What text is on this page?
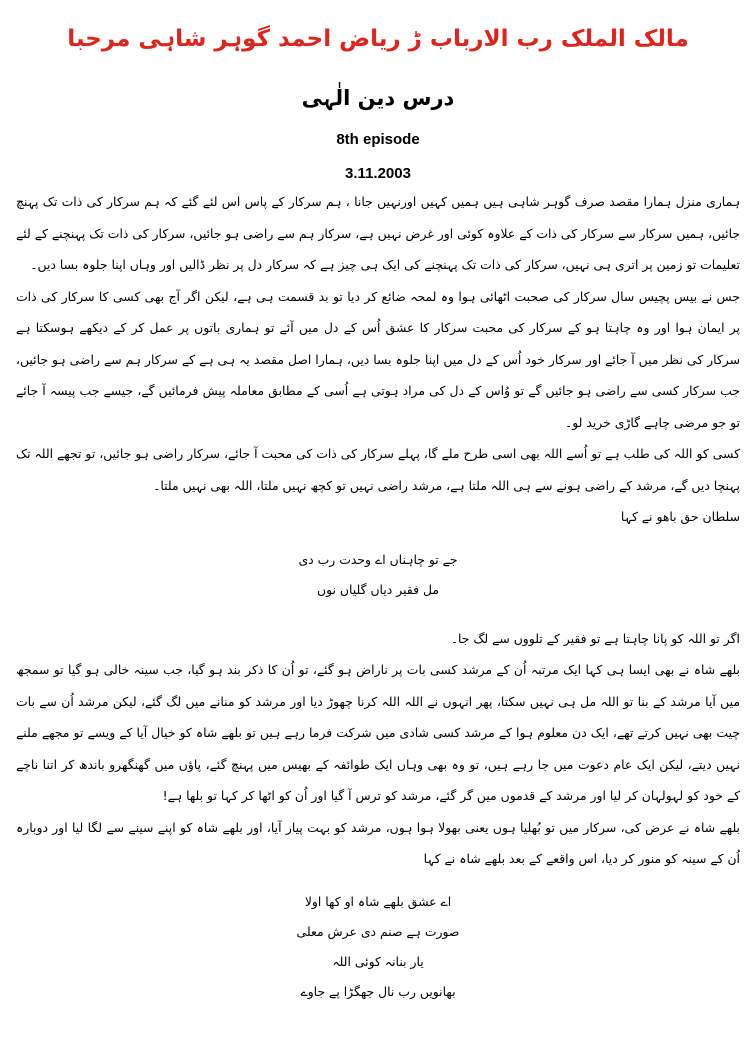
مالک الملک رب الارباب ڑ ریاض احمد گوہر شاہی مرحبا
درس دین الٰہی

8th episode

3.11.2003

ہماری منزل ہمارا مقصد صرف گوہر شاہی ہیں ہمیں کہیں اورنہیں جانا ، ہم سرکار کے پاس اس لئے گئے کہ ہم سرکار کی ذات تک پہنچ جائیں، ہمیں سرکار سے سرکار کی ذات کے علاوہ کوئی اور غرض نہیں ہے، سرکار ہم سے راضی ہو جائیں، سرکار کی ذات تک پہنچنے کے لئے تعلیمات تو زمین پر اتری ہی نہیں، سرکار کی ذات تک پہنچنے کی ایک ہی چیز ہے کہ سرکار دل پر نظر ڈالیں اور وہاں اپنا جلوہ بسا دیں۔

جس نے بیس پچیس سال سرکار کی صحبت اٹھائی ہوا وہ لمحہ ضائع کر دیا تو بد قسمت ہی ہے، لیکن اگر آج بھی کسی کا سرکار کی ذات پر ایمان ہوا اور وہ چاہتا ہو کے سرکار کی محبت سرکار کا عشق اُس کے دل میں آئے تو ہماری باتوں پر عمل کر کے دیکھے ہوسکتا ہے سرکار کی نظر میں آ جائے اور سرکار خود اُس کے دل میں اپنا جلوہ بسا دیں، ہمارا اصل مقصد یہ ہی ہے کے سرکار ہم سے راضی ہو جائیں، جب سرکار کسی سے راضی ہو جائیں گے تو وُاس کے دل کی مراد ہوتی ہے اُسی کے مطابق معاملہ پیش فرمائیں گے، جیسے جب پیسہ آ جائے تو جو مرضی چاہے گاڑی خرید لو۔

کسی کو اللہ کی طلب ہے تو اُسے اللہ بھی اسی طرح ملے گا، پہلے سرکار کی ذات کی محبت آ جائے، سرکار راضی ہو جائیں، تو تجھے اللہ تک پہنچا دیں گے، مرشد کے راضی ہونے سے ہی اللہ ملتا ہے، مرشد راضی نہیں تو کچھ نہیں ملتا، اللہ بھی نہیں ملتا۔

سلطان حق باھو نے کہا

جے تو چاہناں اے وحدت رب دی

مل فقیر دیاں گلیاں نوں

اگر تو اللہ کو پانا چاہتا ہے تو فقیر کے تلووں سے لگ جا۔

بلھے شاہ نے بھی ایسا ہی کہا ایک مرتبہ اُن کے مرشد کسی بات پر ناراض ہو گئے، تو اُن کا ذکر بند ہو گیا، جب سینہ خالی ہو گیا تو سمجھ میں آیا مرشد کے بنا تو اللہ مل ہی نہیں سکتا، پھر انہوں نے اللہ اللہ کرنا چھوڑ دیا اور مرشد کو منانے میں لگ گئے، لیکن مرشد اُن سے بات چیت بھی نہیں کرتے تھے، ایک دن معلوم ہوا کے مرشد کسی شادی میں شرکت فرما رہے ہیں تو بلھے شاہ کو خیال آیا کے ویسے تو مجھے ملنے نہیں دیتے، لیکن ایک عام دعوت میں جا رہے ہیں، تو وہ بھی وہاں ایک طوائفہ کے بھیس میں پہنچ گئے، پاؤں میں گھنگھرو باندھ کر اتنا ناچے کے خود کو لہولہان کر لیا اور مرشد کے قدموں میں گر گئے، مرشد کو ترس آ گیا اور اُن کو اٹھا کر کہا تو بلھا ہے!

بلھے شاہ نے عرض کی، سرکار میں تو بُھلیا ہوں یعنی بھولا ہوا ہوں، مرشد کو بہت پیار آیا، اور بلھے شاہ کو اپنے سینے سے لگا لیا اور دوبارہ اُن کے سینہ کو منور کر دیا، اس واقعے کے بعد بلھے شاہ نے کہا

اے عشق بلھے شاہ او کھا اولا

صورت ہے صنم دی عرش معلی

یار بنانہ کوئی اللہ

بھانویں رب نال جھگڑا پے جاوے
